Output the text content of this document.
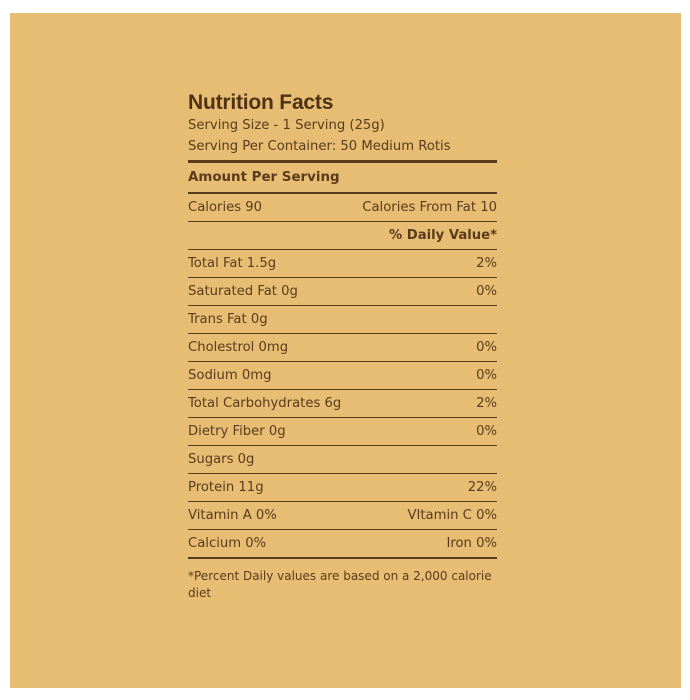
Nutrition Facts
Serving Size - 1 Serving (25g)
Serving Per Container: 50 Medium Rotis
Amount Per Serving
Calories 90	Calories From Fat 10
% Daily Value*
Total Fat 1.5g	2%
Saturated Fat 0g	0%
Trans Fat 0g
Cholestrol 0mg	0%
Sodium 0mg	0%
Total Carbohydrates 6g	2%
Dietry Fiber 0g	0%
Sugars 0g
Protein 11g	22%
Vitamin A 0%	VItamin C 0%
Calcium 0%	Iron 0%
*Percent Daily values are based on a 2,000 calorie diet
